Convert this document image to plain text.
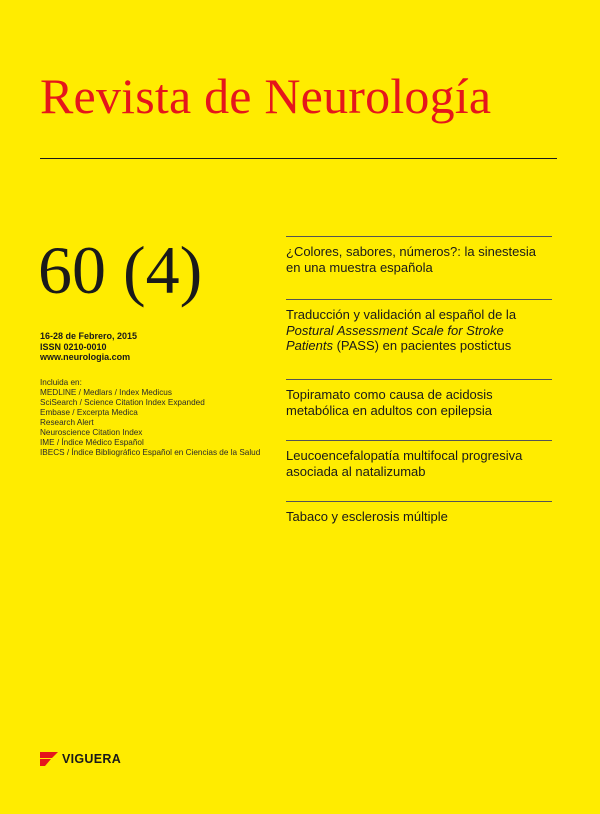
Revista de Neurología
60 (4)
16-28 de Febrero, 2015
ISSN 0210-0010
www.neurologia.com
Incluida en:
MEDLINE / Medlars / Index Medicus
SciSearch / Science Citation Index Expanded
Embase / Excerpta Medica
Research Alert
Neuroscience Citation Index
IME / Índice Médico Español
IBECS / Índice Bibliográfico Español en Ciencias de la Salud
¿Colores, sabores, números?: la sinestesia en una muestra española
Traducción y validación al español de la Postural Assessment Scale for Stroke Patients (PASS) en pacientes postictus
Topiramato como causa de acidosis metabólica en adultos con epilepsia
Leucoencefalopatía multifocal progresiva asociada al natalizumab
Tabaco y esclerosis múltiple
VIGUERA
